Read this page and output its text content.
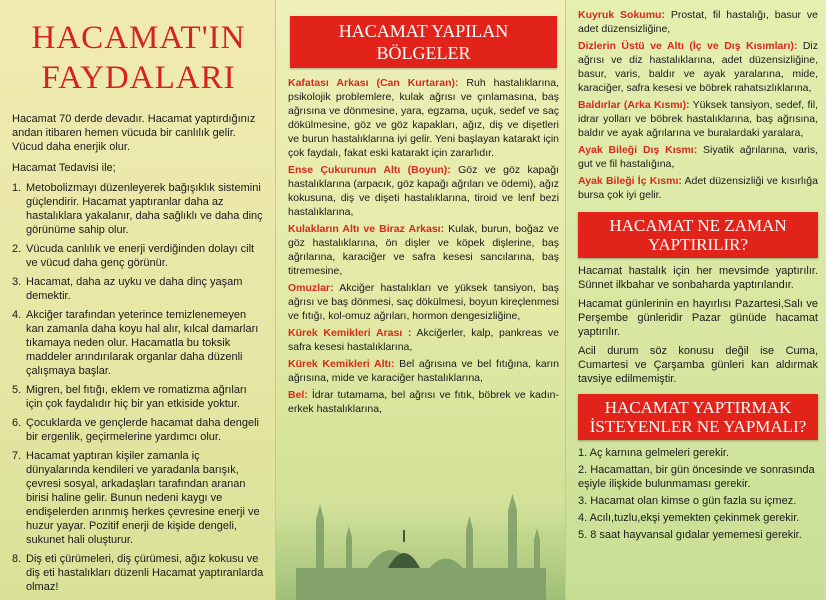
HACAMAT'IN
FAYDALARI

Hacamat 70 derde devadır. Hacamat yaptırdığınız andan itibaren hemen vücuda bir canlılık gelir. Vücud daha enerjik olur.

Hacamat Tedavisi ile;

1. Metobolizmayı düzenleyerek bağışıklık sistemini güçlendirir. Hacamat yaptıranlar daha az hastalıklara yakalanır, daha sağlıklı ve daha dinç görünüme sahip olur.
2. Vücuda canlılık ve enerji verdiğinden dolayı cilt ve vücud daha genç görünür.
3. Hacamat, daha az uyku ve daha dinç yaşam demektir.
4. Akciğer tarafından yeterince temizlenemeyen kan zamanla daha koyu hal alır, kılcal damarları tıkamaya neden olur. Hacamatla bu toksik maddeler arındırılarak organlar daha düzenli çalışmaya başlar.
5. Migren, bel fıtığı, eklem ve romatizma ağrıları için çok faydalıdır hiç bir yan etkiside yoktur.
6. Çocuklarda ve gençlerde hacamat daha dengeli bir ergenlik, geçirmelerine yardımcı olur.
7. Hacamat yaptıran kişiler zamanla iç dünyalarında kendileri ve yaradanla barışık, çevresi sosyal, arkadaşları tarafından aranan birisi haline gelir. Bunun nedeni kaygı ve endişelerden arınmış herkes çevresine enerji ve huzur yayar. Pozitif enerji de kişide dengeli, sukunet hali oluşturur.
8. Diş eti çürümeleri, diş çürümesi, ağız kokusu ve diş eti hastalıkları düzenli Hacamat yaptıranlarda olmaz!
HACAMAT YAPILAN
BÖLGELER

Kafatası Arkası (Can Kurtaran): Ruh hastalıklarına, psikolojik problemlere, kulak ağrısı ve çınlamasına, baş ağrısına ve dönmesine, yara, egzama, uçuk, sedef ve saç dökülmesine, göz ve göz kapakları, ağız, diş ve dişetleri ve burun hastalıklarına iyi gelir. Yeni başlayan katarakt için çok faydalı, fakat eski katarakt için zararlıdır.

Ense Çukurunun Altı (Boyun): Göz ve göz kapağı hastalıklarına (arpacık, göz kapağı ağrıları ve ödemi), ağız kokusuna, diş ve dişeti hastalıklarına, tiroid ve lenf bezi hastalıklarına,

Kulakların Altı ve Biraz Arkası: Kulak, burun, boğaz ve göz hastalıklarına, ön dişler ve köpek dişlerine, baş ağrılarına, karaciğer ve safra kesesi sancılarına, baş titremesine,

Omuzlar: Akciğer hastalıkları ve yüksek tansiyon, baş ağrısı ve baş dönmesi, saç dökülmesi, boyun kireçlenmesi ve fıtığı, kol-omuz ağrıları, hormon dengesizliğine,

Kürek Kemikleri Arası : Akciğerler, kalp, pankreas ve safra kesesi hastalıklarına,

Kürek Kemikleri Altı: Bel ağrısına ve bel fıtığına, karın ağrısına, mide ve karaciğer hastalıklarına,

Bel: İdrar tutamama, bel ağrısı ve fıtık, böbrek ve kadın-erkek hastalıklarına,

Kuyruk Sokumu: Prostat, fil hastalığı, basur ve adet düzensizliğine,

Dizlerin Üstü ve Altı (İç ve Dış Kısımları): Diz ağrısı ve diz hastalıklarına, adet düzensizliğine, basur, varis, baldır ve ayak yaralarına, mide, karaciğer, safra kesesi ve böbrek rahatsızlıklarına,

Baldırlar (Arka Kısmı): Yüksek tansiyon, sedef, fil, idrar yolları ve böbrek hastalıklarına, baş ağrısına, baldır ve ayak ağrılarına ve buralardaki yaralara,

Ayak Bileği Dış Kısmı: Siyatik ağrılarına, varis, gut ve fil hastalığına,

Ayak Bileği İç Kısmı: Adet düzensizliği ve kısırlığa bursa çok iyi gelir.

HACAMAT NE ZAMAN
YAPTIRILIR?

Hacamat hastalık için her mevsimde yaptırılır. Sünnet ilkbahar ve sonbaharda yaptırılandır.

Hacamat günlerinin en hayırlısı Pazartesi,Salı ve Perşembe günleridir Pazar günüde hacamat yaptırılır.

Acil durum söz konusu değil ise Cuma, Cumartesi ve Çarşamba günleri kan aldırmak tavsiye edilmemiştir.

HACAMAT YAPTIRMAK
İSTEYENLER NE YAPMALI?
1. Aç karnına gelmeleri gerekir.
2. Hacamattan, bir gün öncesinde ve sonrasında eşiyle ilişkide bulunmaması gerekir.
3. Hacamat olan kimse o gün fazla su içmez.
4. Acılı,tuzlu,ekşi yemekten çekinmek gerekir.
5. 8 saat hayvansal gıdalar yememesi gerekir.
